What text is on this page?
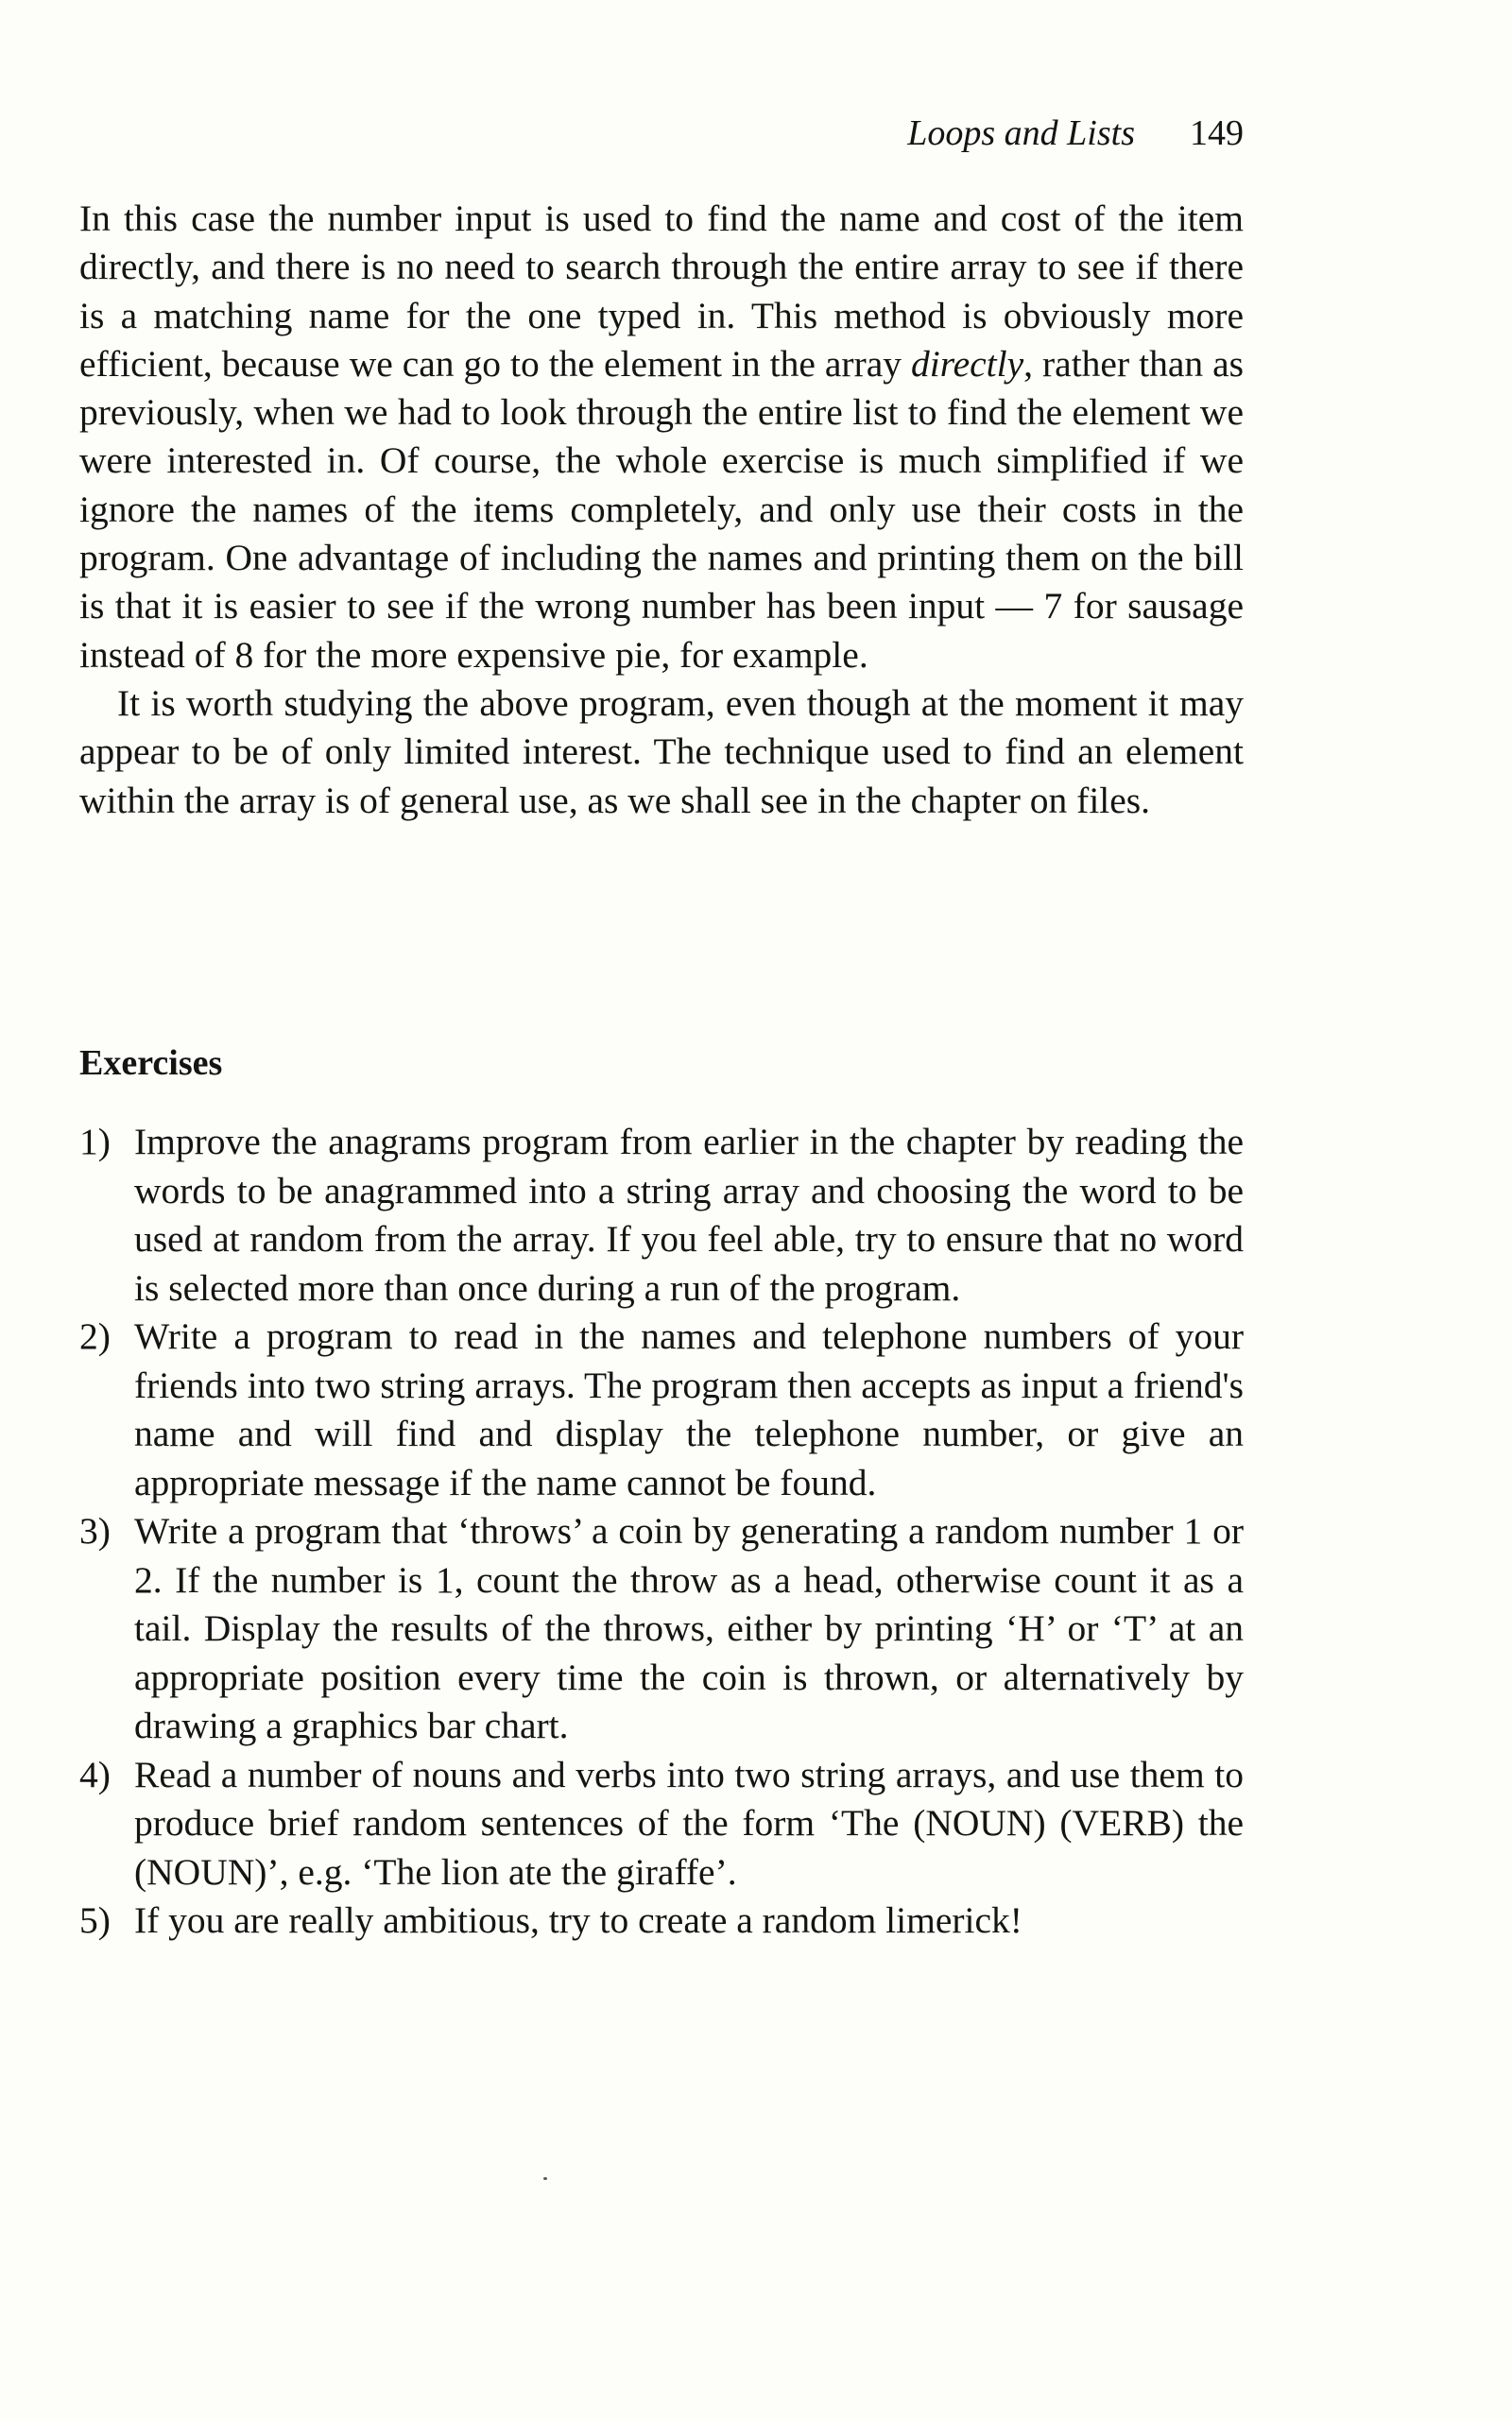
Loops and Lists 149

In this case the number input is used to find the name and cost of the item directly, and there is no need to search through the entire array to see if there is a matching name for the one typed in. This method is obviously more efficient, because we can go to the element in the array directly, rather than as previously, when we had to look through the entire list to find the element we were interested in. Of course, the whole exercise is much simplified if we ignore the names of the items completely, and only use their costs in the program. One advantage of including the names and printing them on the bill is that it is easier to see if the wrong number has been input — 7 for sausage instead of 8 for the more expensive pie, for example.

It is worth studying the above program, even though at the moment it may appear to be of only limited interest. The technique used to find an element within the array is of general use, as we shall see in the chapter on files.

Exercises
1) Improve the anagrams program from earlier in the chapter by reading the words to be anagrammed into a string array and choosing the word to be used at random from the array. If you feel able, try to ensure that no word is selected more than once during a run of the program.
2) Write a program to read in the names and telephone numbers of your friends into two string arrays. The program then accepts as input a friend's name and will find and display the telephone number, or give an appropriate message if the name cannot be found.
3) Write a program that ‘throws’ a coin by generating a random number 1 or 2. If the number is 1, count the throw as a head, otherwise count it as a tail. Display the results of the throws, either by printing ‘H’ or ‘T’ at an appropriate position every time the coin is thrown, or alternatively by drawing a graphics bar chart.
4) Read a number of nouns and verbs into two string arrays, and use them to produce brief random sentences of the form ‘The (NOUN) (VERB) the (NOUN)’, e.g. ‘The lion ate the giraffe’.
5) If you are really ambitious, try to create a random limerick!
